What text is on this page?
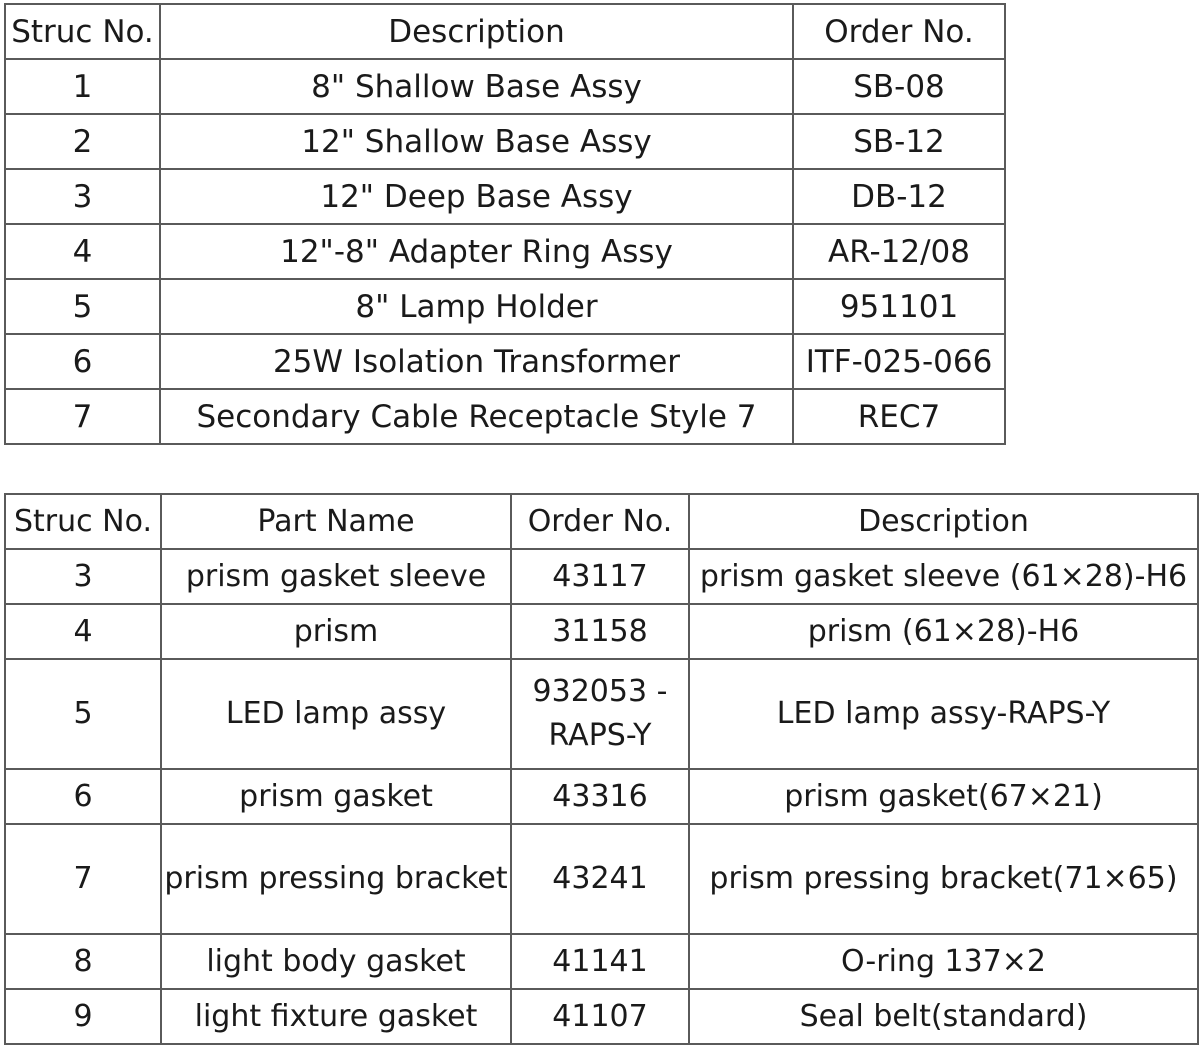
Struc No.	Description	Order No.
1	8" Shallow Base Assy	SB-08
2	12" Shallow Base Assy	SB-12
3	12" Deep Base Assy	DB-12
4	12"-8" Adapter Ring Assy	AR-12/08
5	8" Lamp Holder	951101
6	25W Isolation Transformer	ITF-025-066
7	Secondary Cable Receptacle Style 7	REC7
Struc No.	Part Name	Order No.	Description
3	prism gasket sleeve	43117	prism gasket sleeve (61×28)-H6
4	prism	31158	prism (61×28)-H6
5	LED lamp assy	932053 -RAPS-Y	LED lamp assy-RAPS-Y
6	prism gasket	43316	prism gasket(67×21)
7	prism pressing bracket	43241	prism pressing bracket(71×65)
8	light body gasket	41141	O-ring 137×2
9	light fixture gasket	41107	Seal belt(standard)
